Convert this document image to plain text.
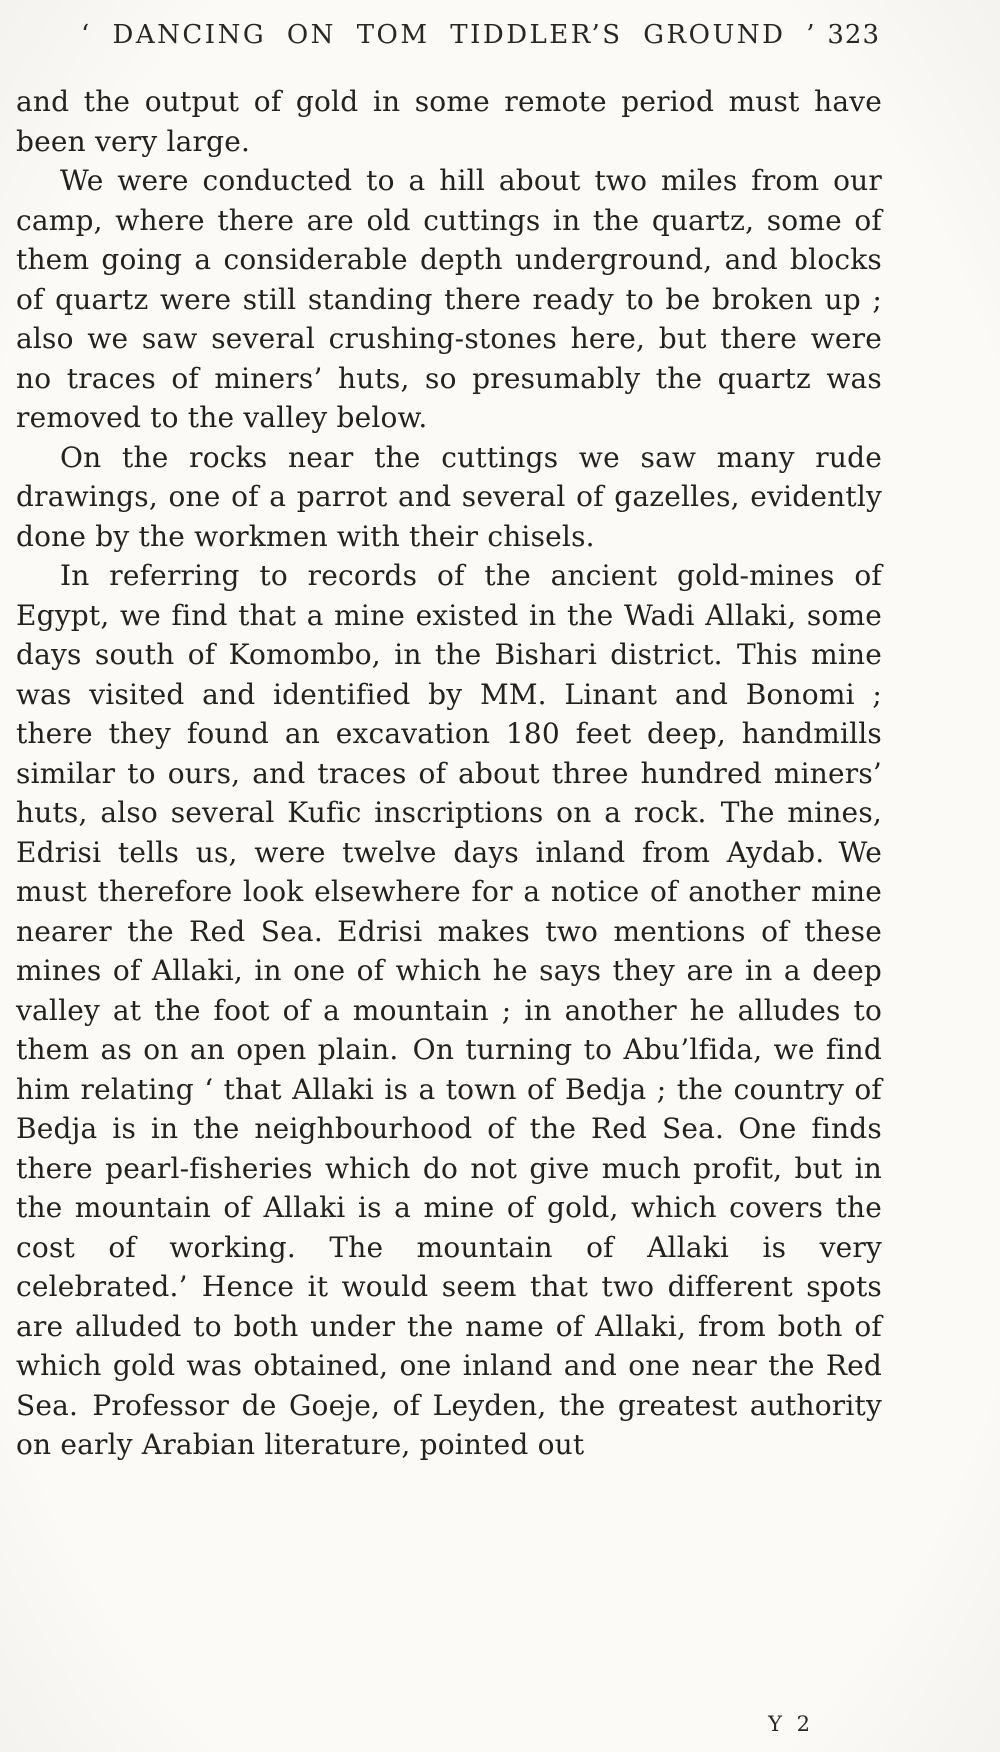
‘ DANCING ON TOM TIDDLER’S GROUND ’ 323

and the output of gold in some remote period must have been very large.

We were conducted to a hill about two miles from our camp, where there are old cuttings in the quartz, some of them going a considerable depth underground, and blocks of quartz were still standing there ready to be broken up ; also we saw several crushing-stones here, but there were no traces of miners’ huts, so presumably the quartz was removed to the valley below.

On the rocks near the cuttings we saw many rude drawings, one of a parrot and several of gazelles, evidently done by the workmen with their chisels.

In referring to records of the ancient gold-mines of Egypt, we find that a mine existed in the Wadi Allaki, some days south of Komombo, in the Bishari district. This mine was visited and identified by MM. Linant and Bonomi ; there they found an excavation 180 feet deep, handmills similar to ours, and traces of about three hundred miners’ huts, also several Kufic inscriptions on a rock. The mines, Edrisi tells us, were twelve days inland from Aydab. We must therefore look elsewhere for a notice of another mine nearer the Red Sea. Edrisi makes two mentions of these mines of Allaki, in one of which he says they are in a deep valley at the foot of a mountain ; in another he alludes to them as on an open plain. On turning to Abu’lfida, we find him relating ‘ that Allaki is a town of Bedja ; the country of Bedja is in the neighbourhood of the Red Sea. One finds there pearl-fisheries which do not give much profit, but in the mountain of Allaki is a mine of gold, which covers the cost of working. The mountain of Allaki is very celebrated.’ Hence it would seem that two different spots are alluded to both under the name of Allaki, from both of which gold was obtained, one inland and one near the Red Sea. Professor de Goeje, of Leyden, the greatest authority on early Arabian literature, pointed out

Y 2
